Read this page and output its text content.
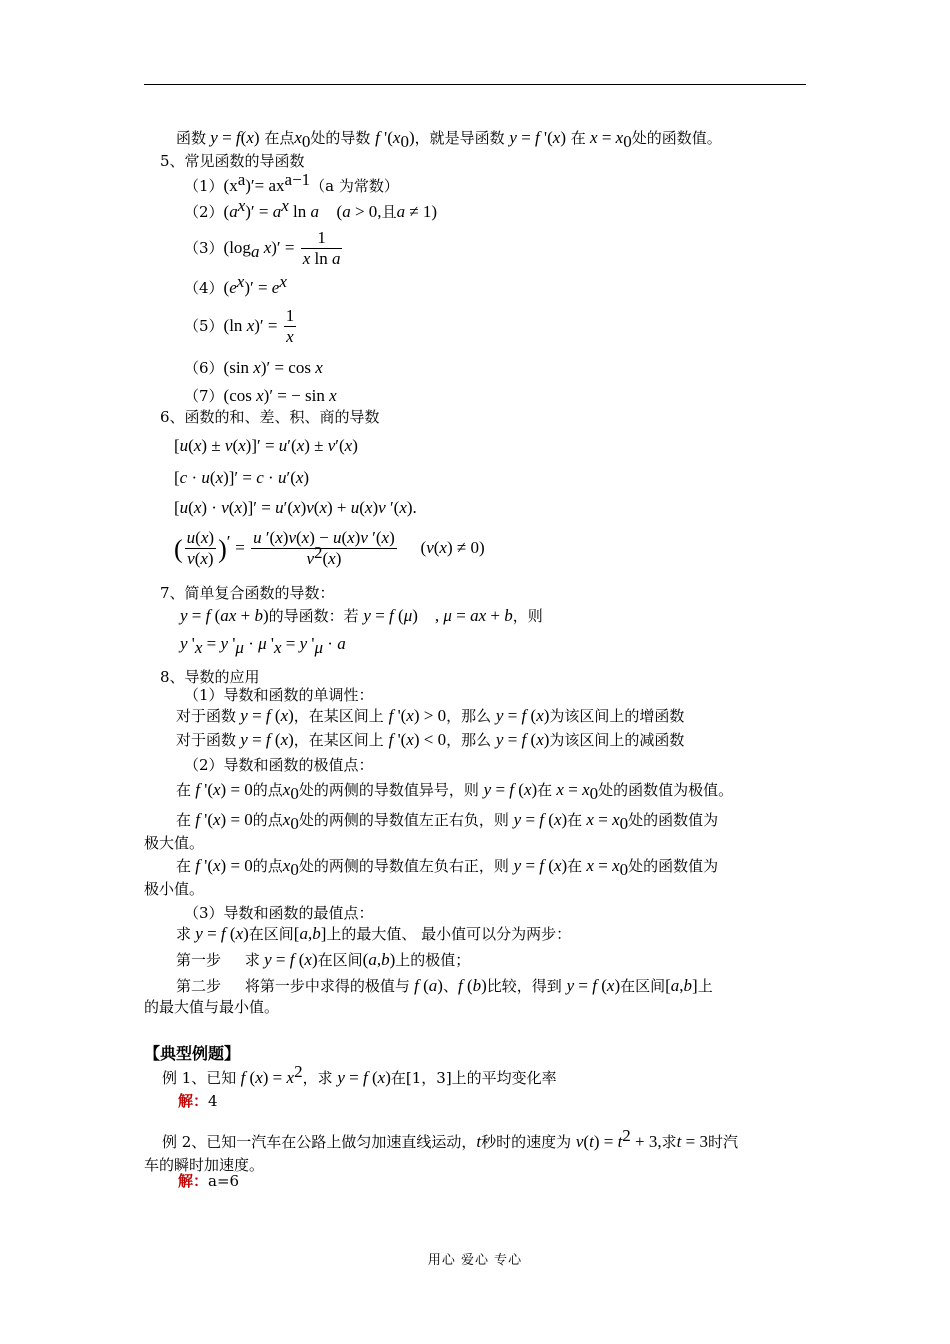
函数 y = f(x) 在点$x_0$处的导数 f '$(x_0)$，就是导函数 y = f '(x) 在 $x = x_0$处的函数值。
5、常见函数的导函数
$(1)(x^a)'= ax^{a-1}(a$ 为常数）
$(2)(a^x)' = a^x$ ln a    (a > 0,且a ≠ 1)
$(3)(\log_a$ $x)' = \frac{1}{\text{x ln a}}$
$(4)(e^x)' = e^x$
（5）(ln $x)' = \frac{1}{x}$
（6）(sin x)′ = cos x
（7）(cos x)′ = − sin x
6、函数的和、差、积、商的导数
[u(x) ± v(x)]′ = u′(x) ± v′(x)
[c · u(x)]′ = c · u′(x)
[u(x) · v(x)]′ = u′(x)v(x) + u(x)v ′(x).
( $\frac{u(x)}{v(x)} )' = \frac{u '(x)v(x) - u(x)v '(x)}{v^2(x)} (v(x) \ne 0)$
7、简单复合函数的导数：
y = f (ax + b)的导函数：若 y = f (μ)    , μ = ax + b，则
y '$_x = y$ '$_\mu \cdot \mu$ '$_x = y$ '$_\mu \cdot a$
8、导数的应用
（1）导数和函数的单调性：
对于函数 y = f (x)，在某区间上 f '(x) > 0，那么 y = f (x)为该区间上的增函数
对于函数 y = f (x)，在某区间上 f '(x) < 0，那么 y = f (x)为该区间上的减函数
（2）导数和函数的极值点：
在 f '(x) = 0的点$x_0$处的两侧的导数值异号，则 y = f (x)在 $x = x_0$处的函数值为极值。
在 f '(x) = 0的点$x_0$处的两侧的导数值左正右负，则 y = f (x)在 $x = x_0$处的函数值为
极大值。
在 f '(x) = 0的点$x_0$处的两侧的导数值左负右正，则 y = f (x)在 $x = x_0$处的函数值为
极小值。
（3）导数和函数的最值点：
求 y = f (x)在区间[a,b]上的最大值、 最小值可以分为两步：
第一步 求 y = f (x)在区间(a,b)上的极值；
第二步 将第一步中求得的极值与 f (a)、f (b)比较，得到 y = f (x)在区间[a,b]上
的最大值与最小值。
【典型例题】
例 1、已知 f $(x) = x^2$，求 y = f (x)在[1，3]上的平均变化率
解：4
例 2、已知一汽车在公路上做匀加速直线运动，t秒时的速度为 $v(t) = t^2 + 3$,求t = 3时汽
车的瞬时加速度。
解：a=6
用心 爱心 专心
